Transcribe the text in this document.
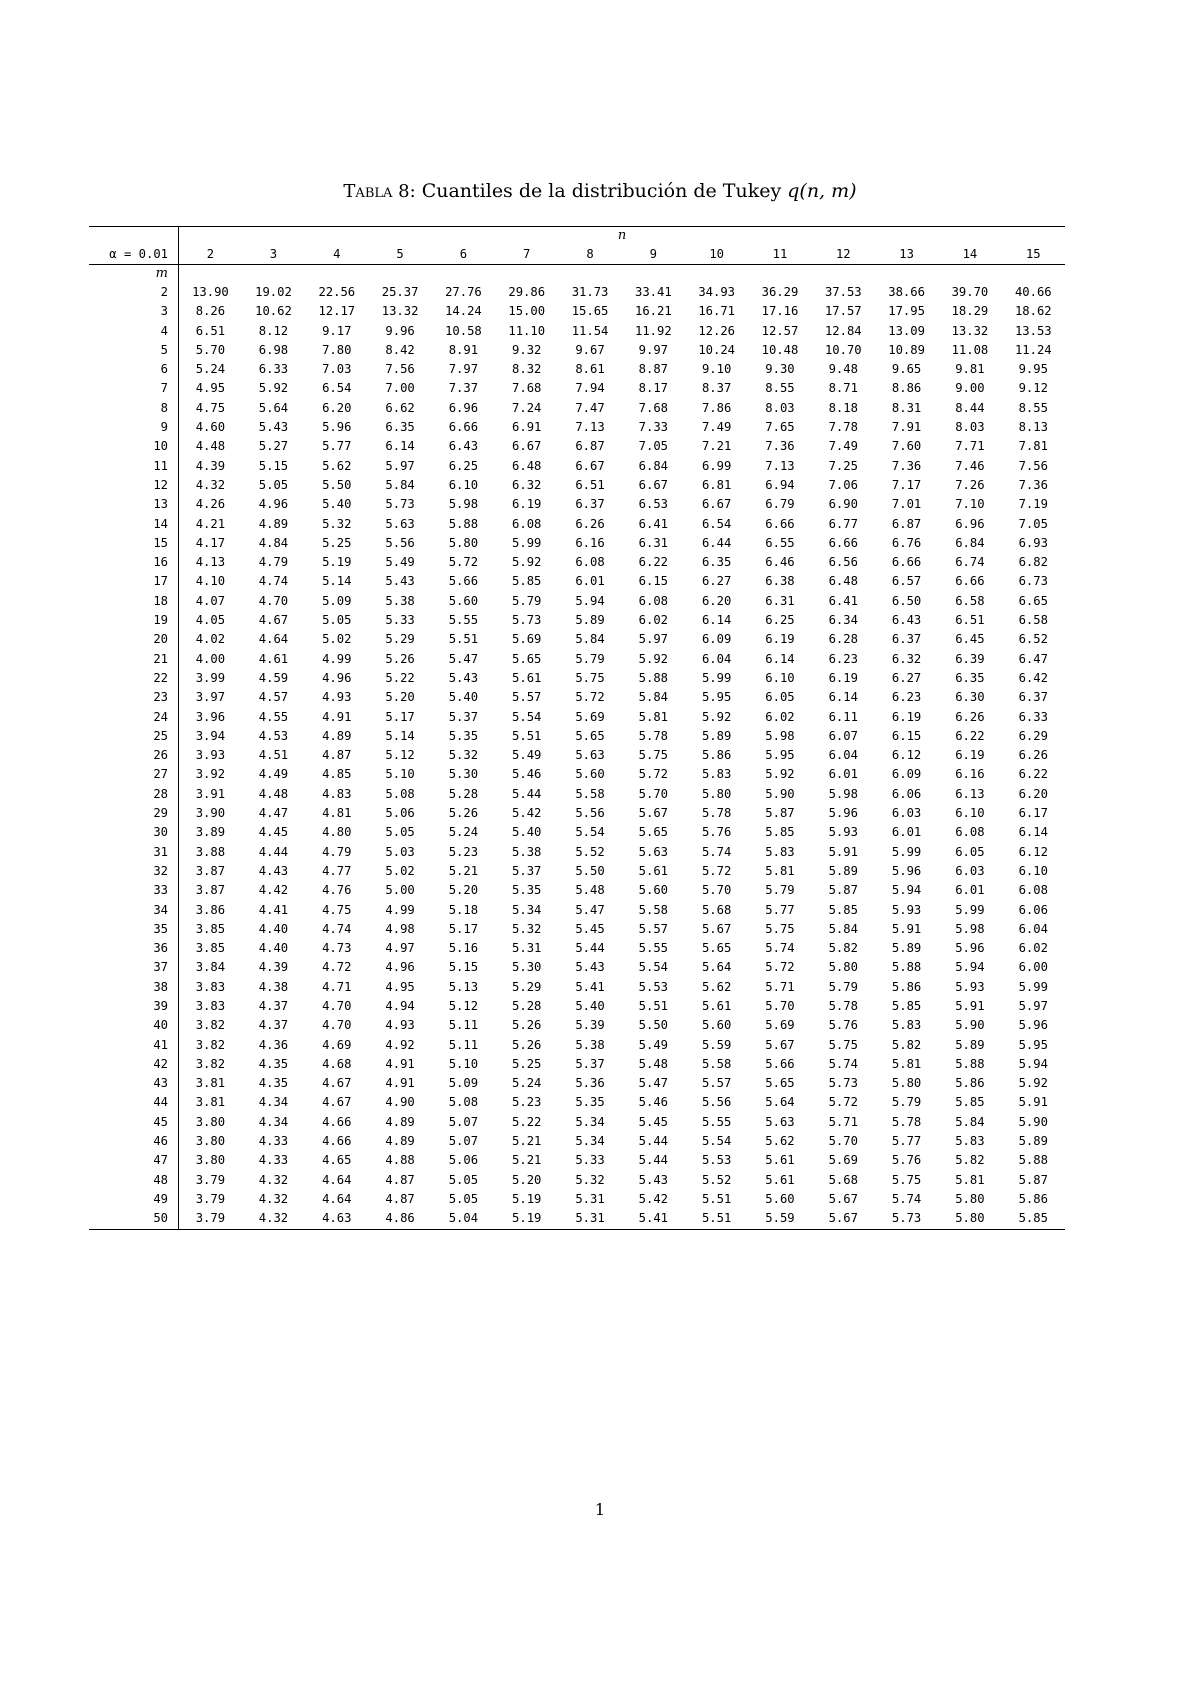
Tabla 8: Cuantiles de la distribución de Tukey q(n, m)
	n													
α = 0.01	2	3	4	5	6	7	8	9	10	11	12	13	14	15
m														
2	13.90	19.02	22.56	25.37	27.76	29.86	31.73	33.41	34.93	36.29	37.53	38.66	39.70	40.66
3	8.26	10.62	12.17	13.32	14.24	15.00	15.65	16.21	16.71	17.16	17.57	17.95	18.29	18.62
4	6.51	8.12	9.17	9.96	10.58	11.10	11.54	11.92	12.26	12.57	12.84	13.09	13.32	13.53
5	5.70	6.98	7.80	8.42	8.91	9.32	9.67	9.97	10.24	10.48	10.70	10.89	11.08	11.24
6	5.24	6.33	7.03	7.56	7.97	8.32	8.61	8.87	9.10	9.30	9.48	9.65	9.81	9.95
7	4.95	5.92	6.54	7.00	7.37	7.68	7.94	8.17	8.37	8.55	8.71	8.86	9.00	9.12
8	4.75	5.64	6.20	6.62	6.96	7.24	7.47	7.68	7.86	8.03	8.18	8.31	8.44	8.55
9	4.60	5.43	5.96	6.35	6.66	6.91	7.13	7.33	7.49	7.65	7.78	7.91	8.03	8.13
10	4.48	5.27	5.77	6.14	6.43	6.67	6.87	7.05	7.21	7.36	7.49	7.60	7.71	7.81
11	4.39	5.15	5.62	5.97	6.25	6.48	6.67	6.84	6.99	7.13	7.25	7.36	7.46	7.56
12	4.32	5.05	5.50	5.84	6.10	6.32	6.51	6.67	6.81	6.94	7.06	7.17	7.26	7.36
13	4.26	4.96	5.40	5.73	5.98	6.19	6.37	6.53	6.67	6.79	6.90	7.01	7.10	7.19
14	4.21	4.89	5.32	5.63	5.88	6.08	6.26	6.41	6.54	6.66	6.77	6.87	6.96	7.05
15	4.17	4.84	5.25	5.56	5.80	5.99	6.16	6.31	6.44	6.55	6.66	6.76	6.84	6.93
16	4.13	4.79	5.19	5.49	5.72	5.92	6.08	6.22	6.35	6.46	6.56	6.66	6.74	6.82
17	4.10	4.74	5.14	5.43	5.66	5.85	6.01	6.15	6.27	6.38	6.48	6.57	6.66	6.73
18	4.07	4.70	5.09	5.38	5.60	5.79	5.94	6.08	6.20	6.31	6.41	6.50	6.58	6.65
19	4.05	4.67	5.05	5.33	5.55	5.73	5.89	6.02	6.14	6.25	6.34	6.43	6.51	6.58
20	4.02	4.64	5.02	5.29	5.51	5.69	5.84	5.97	6.09	6.19	6.28	6.37	6.45	6.52
21	4.00	4.61	4.99	5.26	5.47	5.65	5.79	5.92	6.04	6.14	6.23	6.32	6.39	6.47
22	3.99	4.59	4.96	5.22	5.43	5.61	5.75	5.88	5.99	6.10	6.19	6.27	6.35	6.42
23	3.97	4.57	4.93	5.20	5.40	5.57	5.72	5.84	5.95	6.05	6.14	6.23	6.30	6.37
24	3.96	4.55	4.91	5.17	5.37	5.54	5.69	5.81	5.92	6.02	6.11	6.19	6.26	6.33
25	3.94	4.53	4.89	5.14	5.35	5.51	5.65	5.78	5.89	5.98	6.07	6.15	6.22	6.29
26	3.93	4.51	4.87	5.12	5.32	5.49	5.63	5.75	5.86	5.95	6.04	6.12	6.19	6.26
27	3.92	4.49	4.85	5.10	5.30	5.46	5.60	5.72	5.83	5.92	6.01	6.09	6.16	6.22
28	3.91	4.48	4.83	5.08	5.28	5.44	5.58	5.70	5.80	5.90	5.98	6.06	6.13	6.20
29	3.90	4.47	4.81	5.06	5.26	5.42	5.56	5.67	5.78	5.87	5.96	6.03	6.10	6.17
30	3.89	4.45	4.80	5.05	5.24	5.40	5.54	5.65	5.76	5.85	5.93	6.01	6.08	6.14
31	3.88	4.44	4.79	5.03	5.23	5.38	5.52	5.63	5.74	5.83	5.91	5.99	6.05	6.12
32	3.87	4.43	4.77	5.02	5.21	5.37	5.50	5.61	5.72	5.81	5.89	5.96	6.03	6.10
33	3.87	4.42	4.76	5.00	5.20	5.35	5.48	5.60	5.70	5.79	5.87	5.94	6.01	6.08
34	3.86	4.41	4.75	4.99	5.18	5.34	5.47	5.58	5.68	5.77	5.85	5.93	5.99	6.06
35	3.85	4.40	4.74	4.98	5.17	5.32	5.45	5.57	5.67	5.75	5.84	5.91	5.98	6.04
36	3.85	4.40	4.73	4.97	5.16	5.31	5.44	5.55	5.65	5.74	5.82	5.89	5.96	6.02
37	3.84	4.39	4.72	4.96	5.15	5.30	5.43	5.54	5.64	5.72	5.80	5.88	5.94	6.00
38	3.83	4.38	4.71	4.95	5.13	5.29	5.41	5.53	5.62	5.71	5.79	5.86	5.93	5.99
39	3.83	4.37	4.70	4.94	5.12	5.28	5.40	5.51	5.61	5.70	5.78	5.85	5.91	5.97
40	3.82	4.37	4.70	4.93	5.11	5.26	5.39	5.50	5.60	5.69	5.76	5.83	5.90	5.96
41	3.82	4.36	4.69	4.92	5.11	5.26	5.38	5.49	5.59	5.67	5.75	5.82	5.89	5.95
42	3.82	4.35	4.68	4.91	5.10	5.25	5.37	5.48	5.58	5.66	5.74	5.81	5.88	5.94
43	3.81	4.35	4.67	4.91	5.09	5.24	5.36	5.47	5.57	5.65	5.73	5.80	5.86	5.92
44	3.81	4.34	4.67	4.90	5.08	5.23	5.35	5.46	5.56	5.64	5.72	5.79	5.85	5.91
45	3.80	4.34	4.66	4.89	5.07	5.22	5.34	5.45	5.55	5.63	5.71	5.78	5.84	5.90
46	3.80	4.33	4.66	4.89	5.07	5.21	5.34	5.44	5.54	5.62	5.70	5.77	5.83	5.89
47	3.80	4.33	4.65	4.88	5.06	5.21	5.33	5.44	5.53	5.61	5.69	5.76	5.82	5.88
48	3.79	4.32	4.64	4.87	5.05	5.20	5.32	5.43	5.52	5.61	5.68	5.75	5.81	5.87
49	3.79	4.32	4.64	4.87	5.05	5.19	5.31	5.42	5.51	5.60	5.67	5.74	5.80	5.86
50	3.79	4.32	4.63	4.86	5.04	5.19	5.31	5.41	5.51	5.59	5.67	5.73	5.80	5.85
1
